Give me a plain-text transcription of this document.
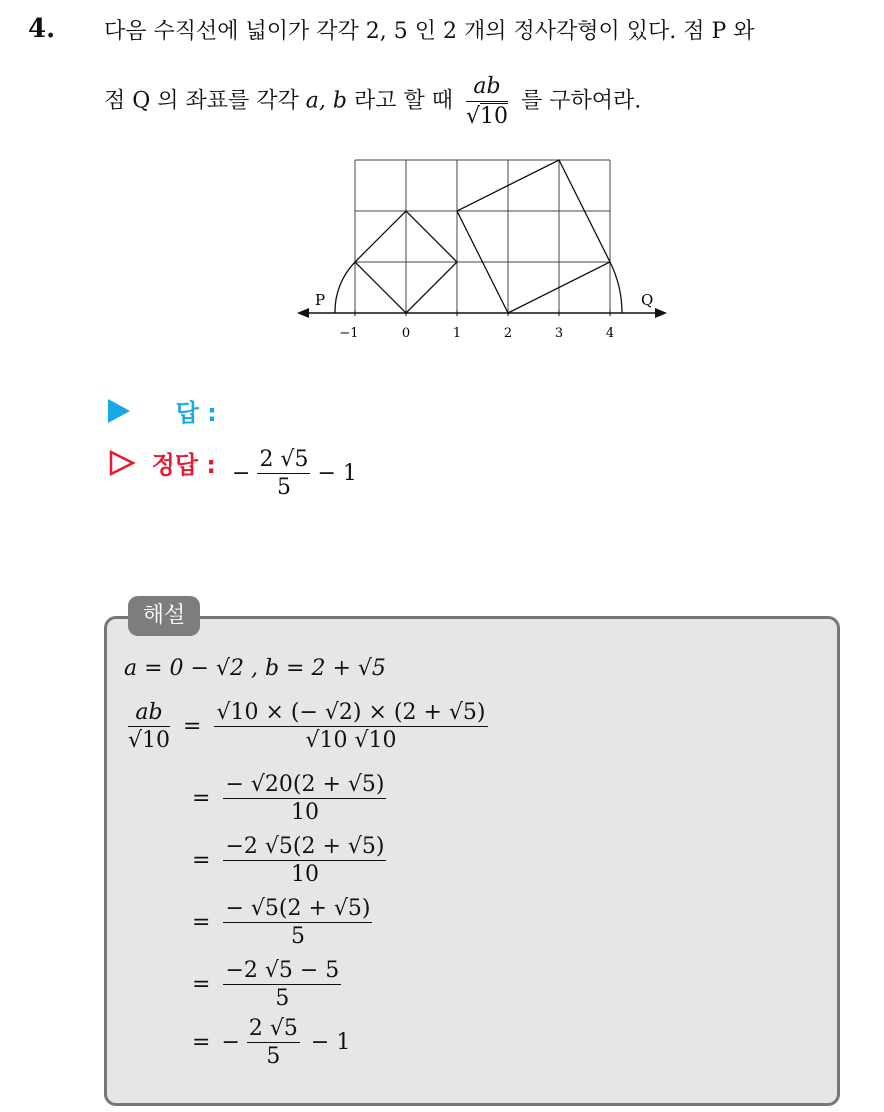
4. 다음 수직선에 넓이가 각각 2, 5 인 2 개의 정사각형이 있다. 점 P 와
점 Q 의 좌표를 각각 a, b 라고 할 때 $\frac{ab}{√10}$ 를 구하여라.
P	Q
−1	0	1	2	3	4
답 :
정답 : − $\frac{2 √5}{5} - 1$
해설
a = 0 − √2 , b = 2 + √5
$\frac{ab}{√10} = \frac{√10 \times (- √2) \times (2 + √5)}{√10 √10}$
= $\frac{- √20(2 + √5)}{10}$
= $\frac{-2 √5(2 + √5)}{10}$
= $\frac{- √5(2 + √5)}{5}$
= $\frac{-2 √5 - 5}{5}$
= − $\frac{2 √5}{5} - 1$
